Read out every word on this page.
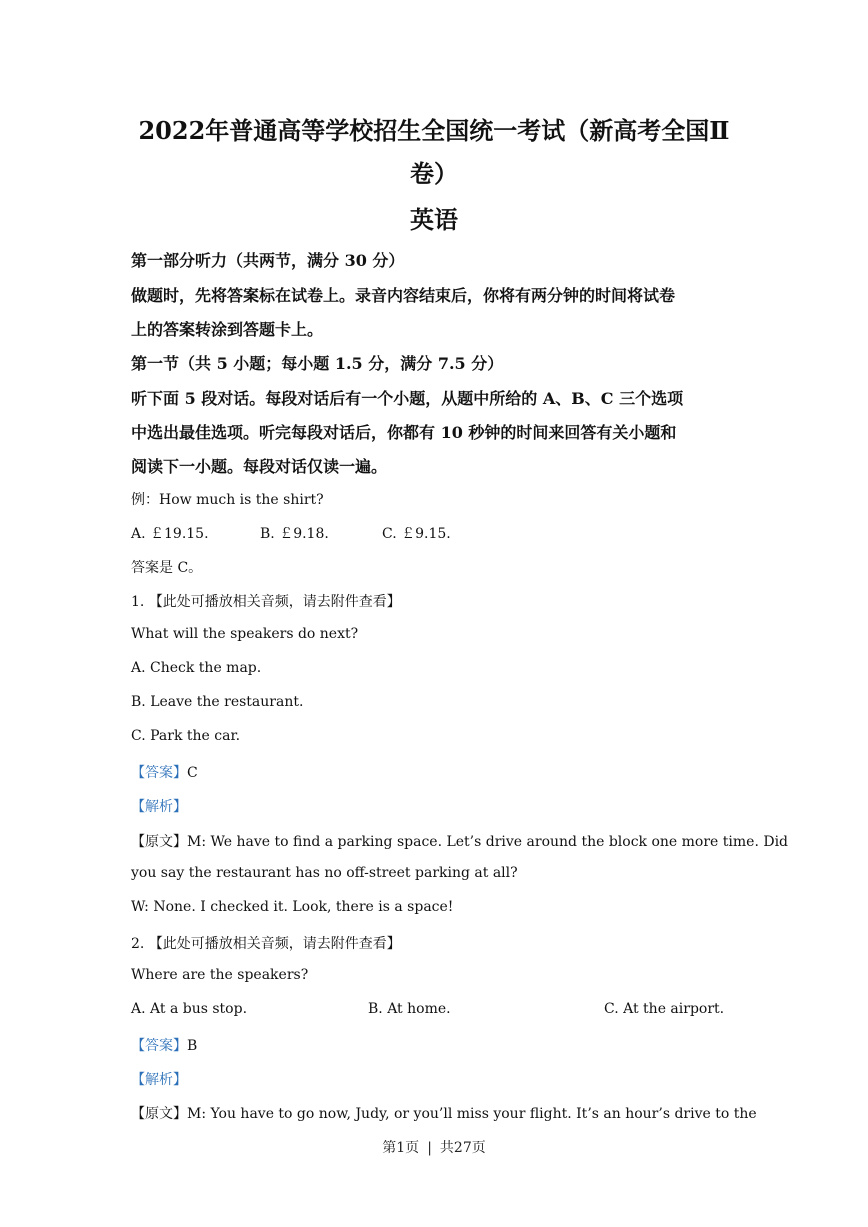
2022年普通高等学校招生全国统一考试（新高考全国Ⅱ
卷）
英语

第一部分听力（共两节，满分 30 分）

做题时，先将答案标在试卷上。录音内容结束后，你将有两分钟的时间将试卷

上的答案转涂到答题卡上。

第一节（共 5 小题；每小题 1.5 分，满分 7.5 分）

听下面 5 段对话。每段对话后有一个小题，从题中所给的 A、B、C 三个选项

中选出最佳选项。听完每段对话后，你都有 10 秒钟的时间来回答有关小题和

阅读下一小题。每段对话仅读一遍。

例：How much is the shirt?

A. ￡19.15.	B. ￡9.18.	C. ￡9.15.

答案是 C。

1. 【此处可播放相关音频，请去附件查看】

What will the speakers do next?

A. Check the map.

B. Leave the restaurant.

C. Park the car.

【答案】C

【解析】

【原文】M: We have to find a parking space. Let’s drive around the block one more time. Did

you say the restaurant has no off-street parking at all?

W: None. I checked it. Look, there is a space!

2. 【此处可播放相关音频，请去附件查看】

Where are the speakers?

A. At a bus stop.	B. At home.	C. At the airport.

【答案】B

【解析】

【原文】M: You have to go now, Judy, or you’ll miss your flight. It’s an hour’s drive to the

第1页 | 共27页
